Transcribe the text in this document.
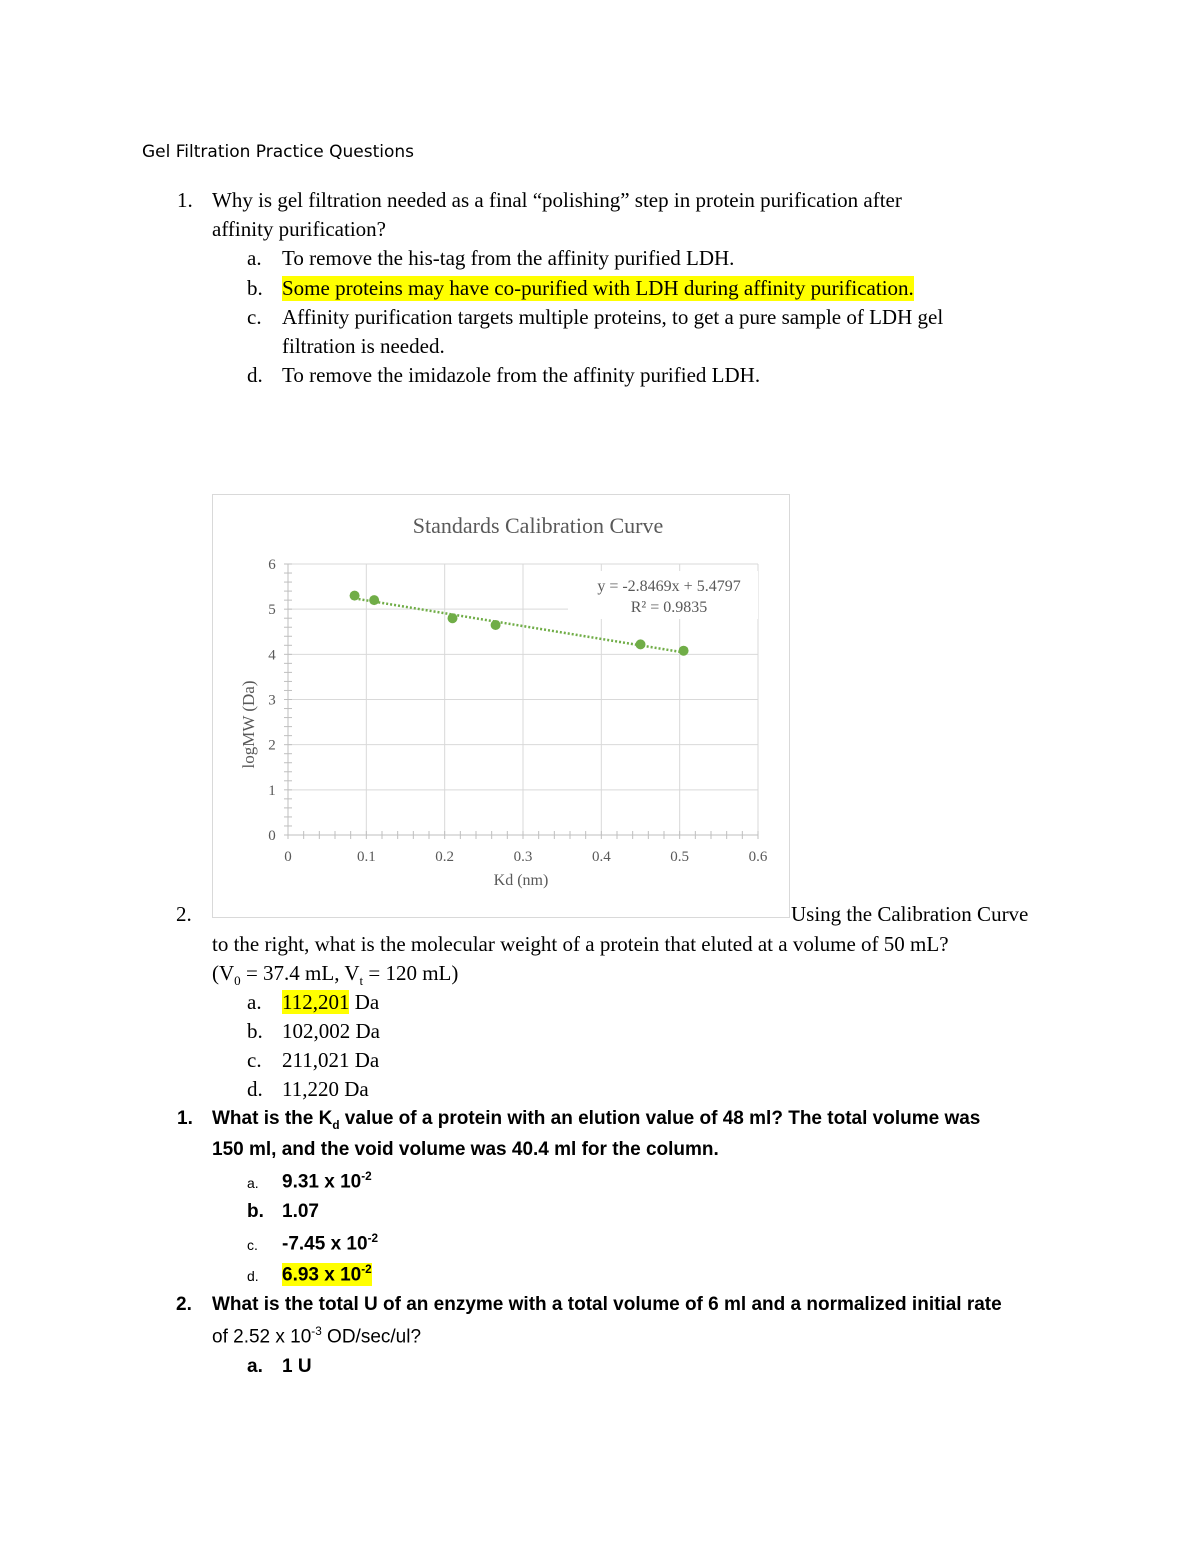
Gel Filtration Practice Questions
1. Why is gel filtration needed as a final “polishing” step in protein purification after
affinity purification?
a. To remove the his-tag from the affinity purified LDH.
b. Some proteins may have co-purified with LDH during affinity purification.
c. Affinity purification targets multiple proteins, to get a pure sample of LDH gel
filtration is needed.
d. To remove the imidazole from the affinity purified LDH.
Standards Calibration Curve
0	0.1	0.2	0.3	0.4	0.5	0.6
0
1
2
3
4
5
6
Kd (nm)
logMW (Da)
y = -2.8469x + 5.4797
R² = 0.9835
2.	Using the Calibration Curve
to the right, what is the molecular weight of a protein that eluted at a volume of 50 mL?
($V_0 = 37.4$ mL, $V_t = 120$ mL)
a. 112,201 Da
b. 102,002 Da
c. 211,021 Da
d. 11,220 Da
1. What is the $K_d$ value of a protein with an elution value of 48 ml? The total volume was
150 ml, and the void volume was 40.4 ml for the column.
a. 9.31 x $10^{-2}$
b. 1.07
c. -7.45 x $10^{-2}$
d. 6.93 x $10^{-2}$
2. What is the total U of an enzyme with a total volume of 6 ml and a normalized initial rate
of 2.52 x $10^{-3}$ OD/sec/ul?
a. 1 U
